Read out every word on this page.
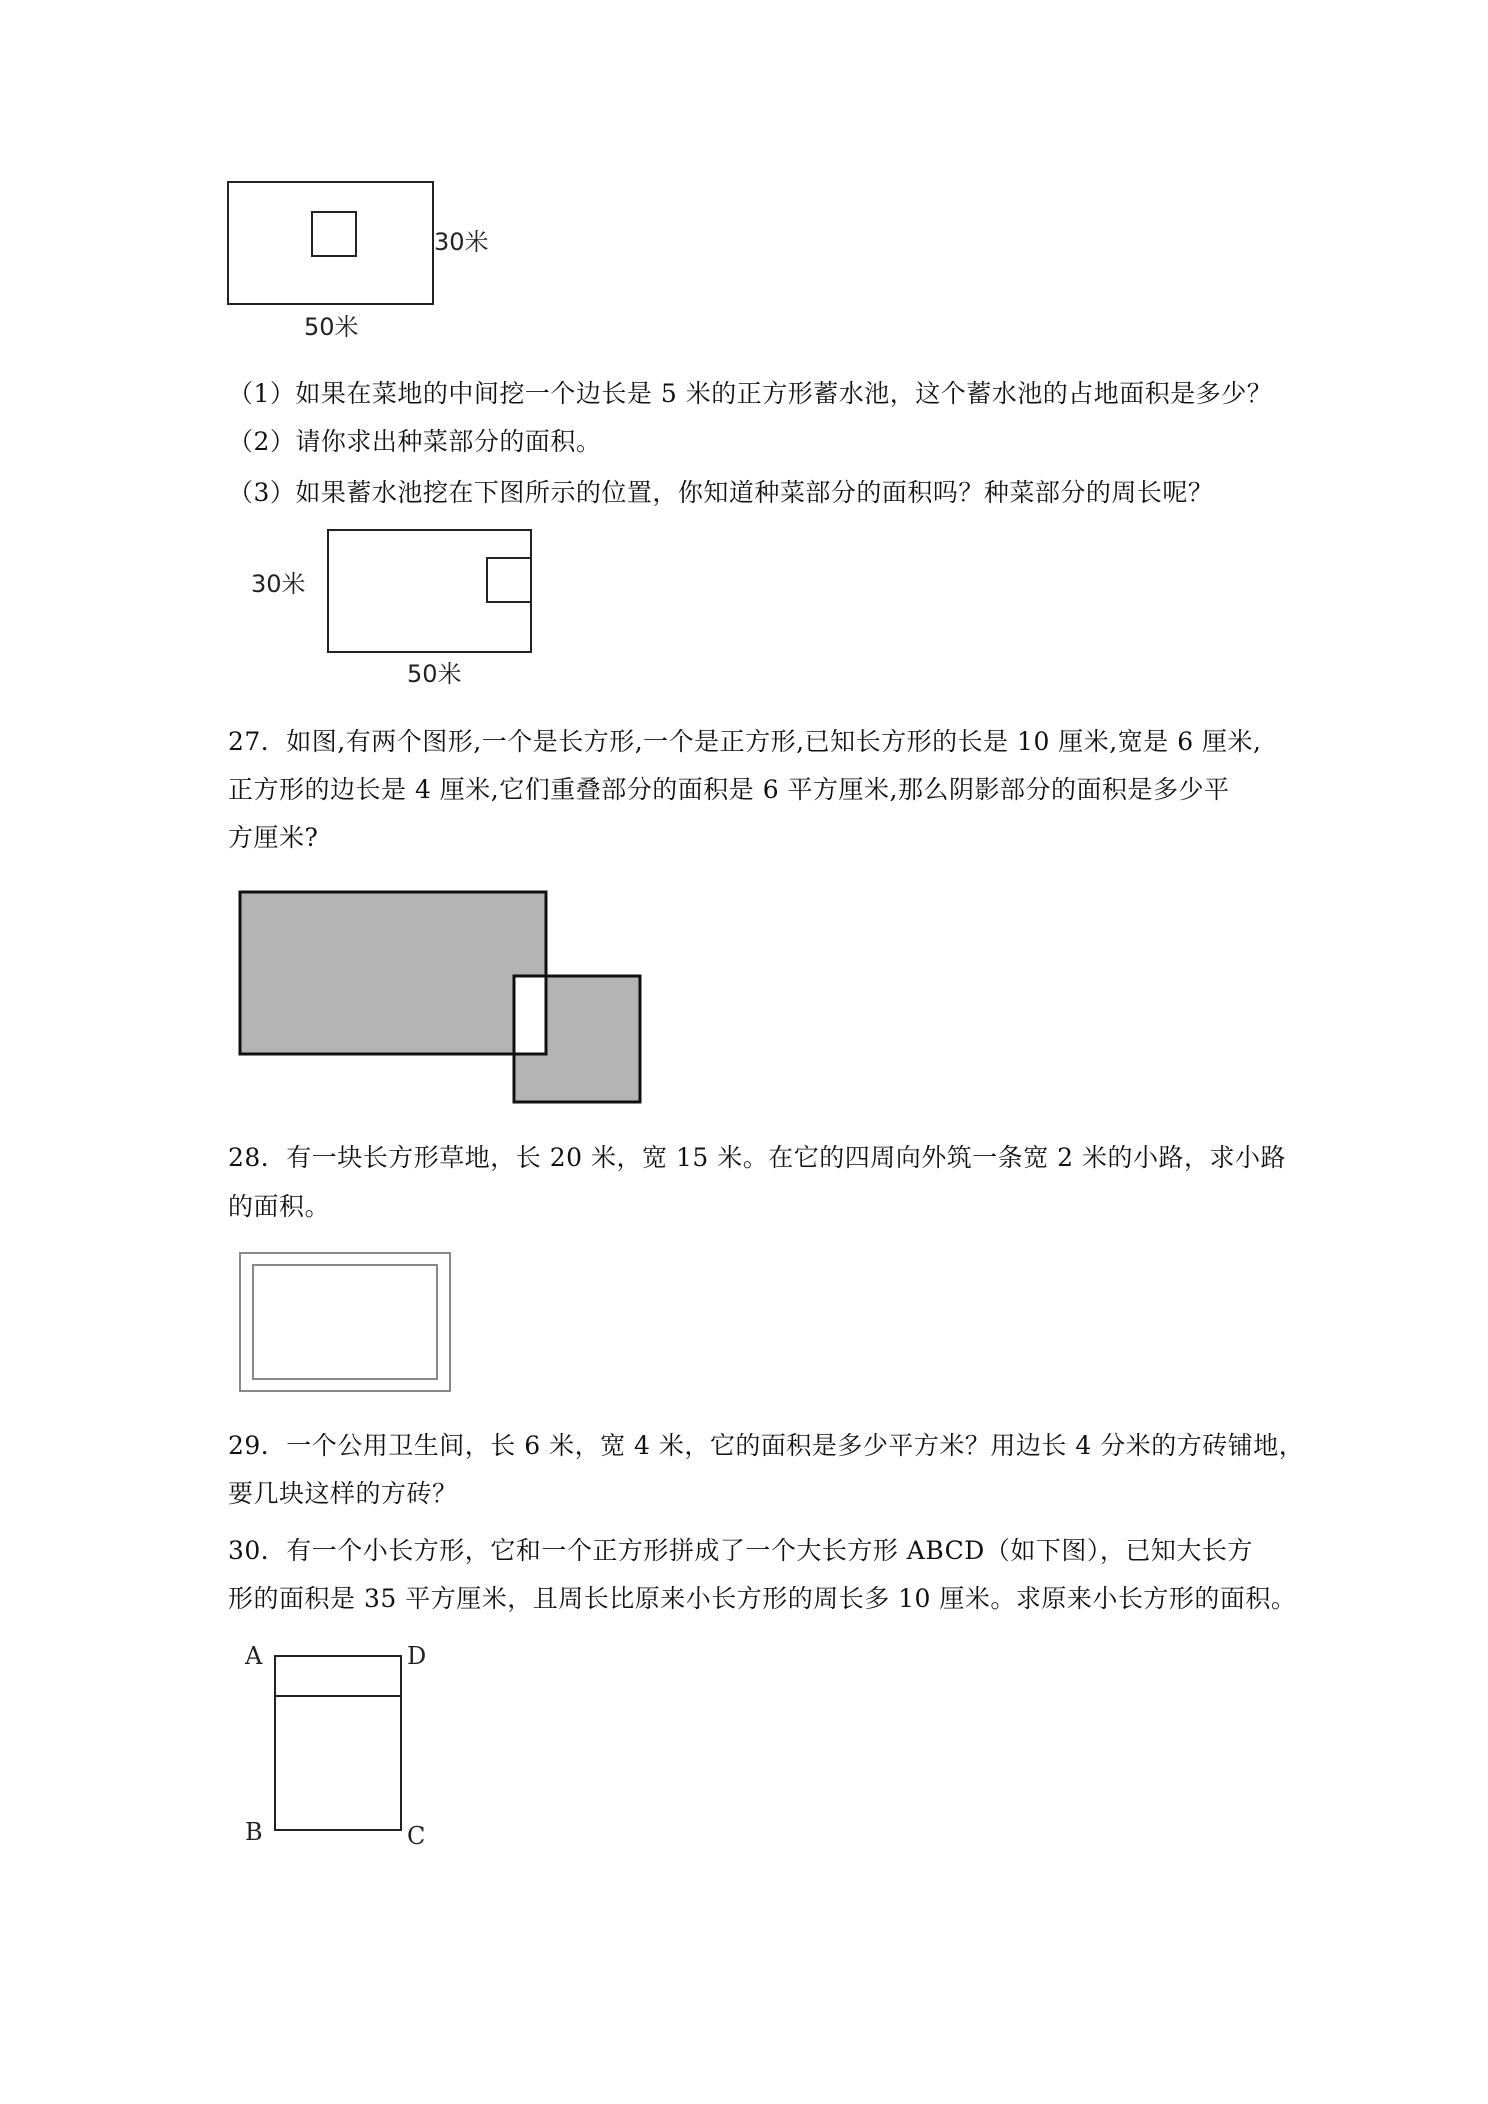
30米
50米
（1）如果在菜地的中间挖一个边长是 5 米的正方形蓄水池，这个蓄水池的占地面积是多少？
（2）请你求出种菜部分的面积。
（3）如果蓄水池挖在下图所示的位置，你知道种菜部分的面积吗？种菜部分的周长呢？
30米
50米
27．如图,有两个图形,一个是长方形,一个是正方形,已知长方形的长是 10 厘米,宽是 6 厘米,
正方形的边长是 4 厘米,它们重叠部分的面积是 6 平方厘米,那么阴影部分的面积是多少平
方厘米?
28．有一块长方形草地，长 20 米，宽 15 米。在它的四周向外筑一条宽 2 米的小路，求小路
的面积。
29．一个公用卫生间，长 6 米，宽 4 米，它的面积是多少平方米？用边长 4 分米的方砖铺地，
要几块这样的方砖？
30．有一个小长方形，它和一个正方形拼成了一个大长方形 ABCD（如下图），已知大长方
形的面积是 35 平方厘米，且周长比原来小长方形的周长多 10 厘米。求原来小长方形的面积。
A	D
B	C
